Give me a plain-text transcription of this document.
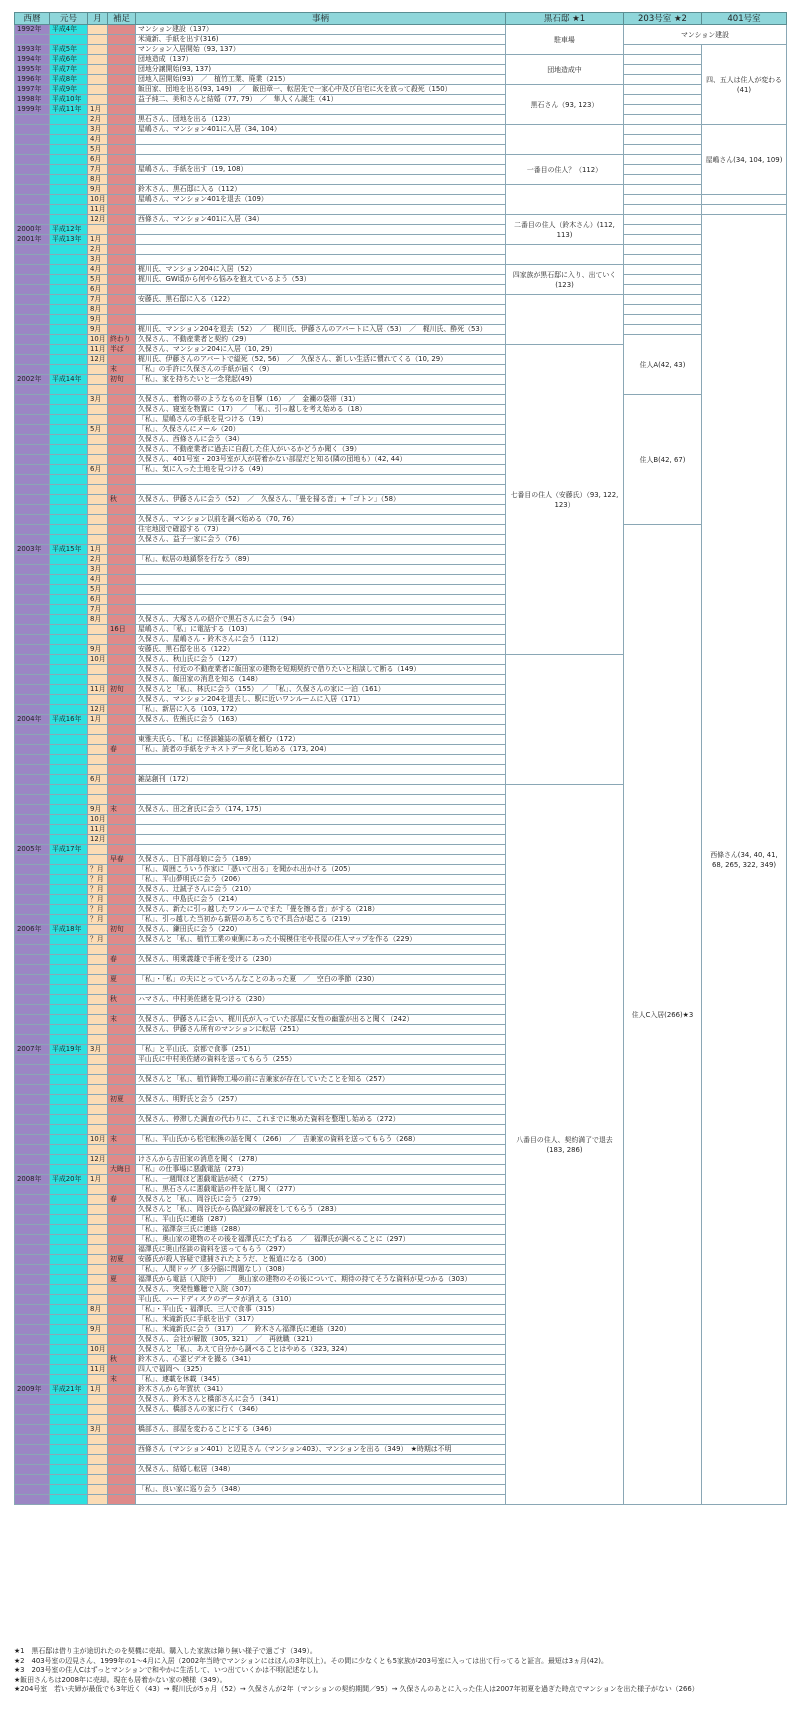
西暦	元号	月	補足	事柄	黒石邸 ★1	203号室 ★2	401号室
1992年	平成4年			マンション建設（137）	駐車場	マンション建設	
				米滝新、手紙を出す(316)			
1993年	平成5年			マンション入居開始（93, 137）			四、五人は住人が変わる(41)
1994年	平成6年			団地造成（137）	団地造成中		
1995年	平成7年			団地分譲開始(93, 137)			
1996年	平成8年			団地入居開始(93)　／　植竹工業、廃業（215）			
1997年	平成9年			飯田家、団地を出る(93, 149)　／　飯田章一、転居先で一家心中及び自宅に火を放って殺死（150）	黒石さん（93, 123）		
1998年	平成10年			益子純二、美和さんと結婚（77, 79）　／　隼人くん誕生（41）			
1999年	平成11年	1月					
		2月		黒石さん、団地を出る（123）			
		3月		屋嶋さん、マンション401に入居（34, 104）			屋嶋さん(34, 104, 109)
		4月					
		5月					
		6月			一番目の住人？（112）		
		7月		屋嶋さん、手紙を出す（19, 108）			
		8月					
		9月		鈴木さん、黒石邸に入る（112）			
		10月		屋嶋さん、マンション401を退去（109）			
		11月					
		12月		西條さん、マンション401に入居（34）	二番目の住人（鈴木さん）(112, 113)		西條さん(34, 40, 41, 68, 265, 322, 349)
2000年	平成12年						
2001年	平成13年	1月					
		2月					
		3月					
		4月		梶川氏、マンション204に入居（52）	四家族が黒石邸に入り、出ていく(123)		
		5月		梶川氏、GW頃から何やら悩みを抱えているよう（53）			
		6月					
		7月		安藤氏、黒石邸に入る（122）			
		8月					
		9月					
		9月		梶川氏、マンション204を退去（52）　／　梶川氏、伊藤さんのアパートに入居（53）　／　梶川氏、酔死（53）			
		10月	終わり	久保さん、不動産業者と契約（29）		住人A(42, 43)	
		11月	半ば	久保さん、マンション204に入居（10, 29）	七番目の住人（安藤氏）（93, 122, 123）		
		12月		梶川氏、伊藤さんのアパートで縊死（52, 56）　／　久保さん、新しい生活に慣れてくる（10, 29）			
			末	「私」の手許に久保さんの手紙が届く（9）			
2002年	平成14年		初旬	「私」、家を持ちたいと一念発起(49)			

		3月		久保さん、着物の帯のようなものを目撃（16）　／　金襴の袋帯（31）		住人B(42, 67)	
				久保さん、寝室を物置に（17）　／　「私」、引っ越しを考え始める（18）			
				「私」、屋嶋さんの手紙を見つける（19）			
		5月		「私」、久保さんにメール（20）			
				久保さん、西條さんに会う（34）			
				久保さん、不動産業者に過去に自殺した住人がいるかどうか聞く（39）			
				久保さん、401号室・203号室が人が居着かない部屋だと知る(隣の団地も）（42, 44）			
		6月		「私」、気に入った土地を見つける（49）			

			秋	久保さん、伊藤さんに会う（52）　／　久保さん、「畳を掃る音」+「ゴトン」（58）			

				久保さん、マンション以前を調べ始める（70, 76）			
				住宅地図で確認する（73）		住人C入居(266)★3	
				久保さん、益子一家に会う（76）			
2003年	平成15年	1月					
		2月		「私」、転居の地鎮祭を行なう（89）			
		3月					
		4月					
		5月					
		6月					
		7月					
		8月		久保さん、大塚さんの紹介で黒石さんに会う（94）			
			16日	屋嶋さん、「私」に電話する（103）			
				久保さん、屋嶋さん・鈴木さんに会う（112）			
		9月		安藤氏、黒石邸を出る（122）			
		10月		久保さん、秋山氏に会う（127）			
				久保さん、付近の不動産業者に飯田家の建物を短期契約で借りたいと相談して断る（149）			
				久保さん、飯田家の消息を知る（148）			
		11月	初旬	久保さんと「私」、林氏に会う（155）　／　「私」、久保さんの家に一泊（161）			
				久保さん、マンション204を退去し、駅に近いワンルームに入居（171）			
		12月		「私」、新居に入る（103, 172）			
2004年	平成16年	1月		久保さん、佐熊氏に会う（163）			

				東雅夫氏ら、「私」に怪談雑誌の原稿を頼む（172）			
			春	「私」、読者の手紙をテキストデータ化し始める（173, 204）			

		6月		雑誌創刊（172）			
					八番目の住人、契約満了で退去(183, 286)		

		9月	末	久保さん、田之倉氏に会う（174, 175）			
		10月					
		11月					
		12月					
2005年	平成17年						
			早春	久保さん、日下部母娘に会う（189）			
		？月		「私」、周囲こういう作家に「憑いて出る」を聞かれ出かける（205）			
		？月		「私」、平山夢明氏に会う（206）			
		？月		久保さん、辻誠子さんに会う（210）			
		？月		久保さん、中島氏に会う（214）			
		？月		久保さん、新たに引っ越したワンルームでまた「畳を擦る音」がする（218）			
		？月		「私」、引っ越した当初から新居のあちこちで不具合が起こる（219）			
2006年	平成18年		初旬	久保さん、鎌田氏に会う（220）			
		？月		久保さんと「私」、植竹工業の東側にあった小規模住宅や長屋の住人マップを作る（229）			

			春	久保さん、明乗義雄で手術を受ける（230）			

			夏	「私」・「私」の夫にとっていろんなことのあった夏　／　空白の季節（230）			

			秋	ハマさん、中村美佐緒を見つける（230）			

			末	久保さん、伊藤さんに会い、梶川氏が入っていた部屋に女性の幽霊が出ると聞く（242）			
				久保さん、伊藤さん所有のマンションに転居（251）			

2007年	平成19年	3月		「私」と平山氏、京都で食事（251）			
				平山氏に中村美佐緒の資料を送ってもらう（255）			

				久保さんと「私」、植竹鋳物工場の前に吉兼家が存在していたことを知る（257）			

			初夏	久保さん、明野氏と会う（257）			

				久保さん、停滞した調査の代わりに、これまでに集めた資料を整理し始める（272）			

		10月	末	「私」、平山氏から松宅転換の話を聞く（266）　／　吉兼家の資料を送ってもらう（268）			

		12月		けさんから吉田家の消息を聞く（278）			
			大晦日	「私」の仕事場に悪戯電話（273）			
2008年	平成20年	1月		「私」、一週間ほど悪戯電話が続く（275）			
				「私」、黒石さんに悪戯電話の件を話し聞く（277）			
			春	久保さんと「私」、岡谷氏に会う（279）			
				久保さんと「私」、岡谷氏から偽記録の解読をしてもらう（283）			
				「私」、平山氏に連絡（287）			
				「私」、福澤奈三氏に連絡（288）			
				「私」、奥山家の建物のその後を福澤氏にたずねる　／　福澤氏が調べることに（297）			
				福澤氏に奥山怪談の資料を送ってもらう（297）			
			初夏	安藤氏が殺人容疑で逮捕されたようだ、と報道になる（300）			
				「私」、人間ドッグ（多分脳に問題なし）（308）			
			夏	福澤氏から電話（入院中）　／　奥山家の建物のその後について、期待の持てそうな資料が見つかる（303）			
				久保さん、突発性難聴で入院（307）			
				平山氏、ハードディスクのデータが消える（310）			
		8月		「私」・平山氏・福澤氏、三人で食事（315）			
				「私」、米滝新氏に手紙を出す（317）			
		9月		「私」、米滝新氏に会う（317）　／　鈴木さん福澤氏に連絡（320）			
				久保さん、会社が解散（305, 321）　／　再就職（321）			
		10月		久保さんと「私」、あえて自分から調べることはやめる（323, 324）			
			秋	鈴木さん、心霊ビデオを撮る（341）			
		11月		四人で福岡へ（325）			
			末	「私」、連載を休載（345）			
2009年	平成21年	1月		鈴木さんから年賀状（341）			
				久保さん、鈴木さんと橋部さんに会う（341）			
				久保さん、橋部さんの家に行く（346）			

		3月		橋部さん、部屋を変わることにする（346）			

				西條さん（マンション401）と辺見さん（マンション403）、マンションを出る（349）　★時期は不明			

				久保さん、結婚し転居（348）			

				「私」、良い家に巡り会う（348）			

★1　黒石邸は借り主が途切れたのを契機に売却。購入した家族は障り無い様子で過ごす（349）。
★2　403号室の辺見さん、1999年の1～4月に入居（2002年当時でマンションにはほんの3年以上）。その間に少なくとも5家族が203号室に入っては出て行ってると証言。最短は3ヵ月(42)。
★3　203号室の住人Cはずっとマンションで和やかに生活して、いつ出ていくかは不明(記述なし)。
★飯田さんちは2008年に売却。現在も居着かない家の模様（349）。
★204号室　若い夫婦が最低でも3年近く（43）→ 梶川氏が5ヵ月（52）→ 久保さんが2年（マンションの契約期間／95）→ 久保さんのあとに入った住人は2007年初夏を過ぎた時点でマンションを出た様子がない（266）
